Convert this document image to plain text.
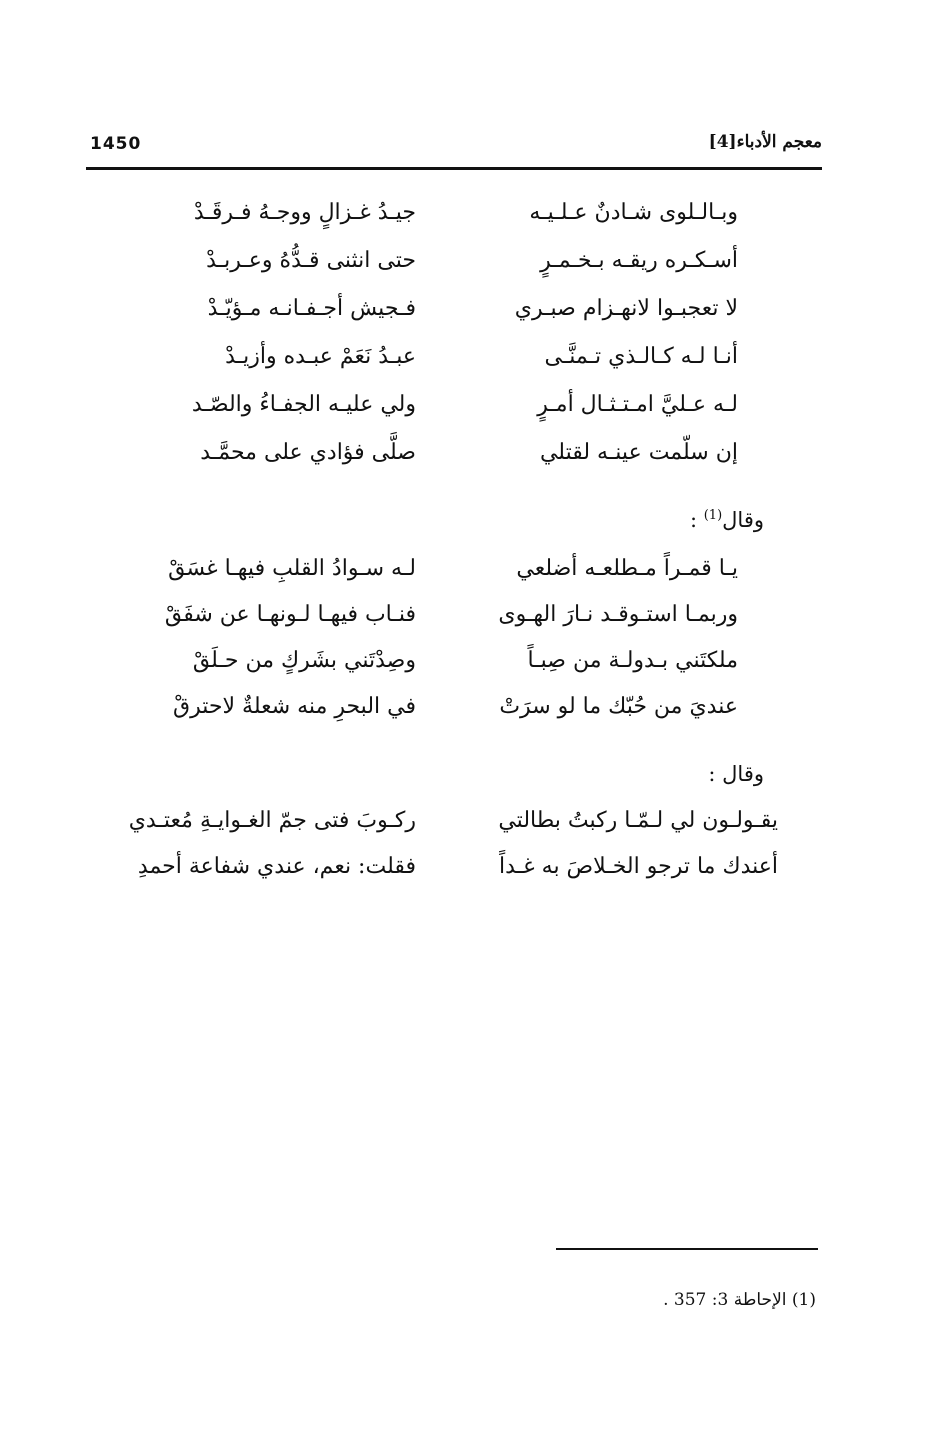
1450	معجم الأدباء[4]
وبـالـلوى شـادنٌ عـلـيـه
جيـدُ غـزالٍ ووجـهُ فـرقَـدْ
أسـكـره ريقـه بـخـمـرٍ
حتى انثنى قـدُّهُ وعـربـدْ
لا تعجبـوا لانهـزام صبـري
فـجيش أجـفـانـه مـؤيّـدْ
أنـا لـه كـالـذي تـمنَّـى
عبـدُ نَعَمْ عبـده وأزيـدْ
لـه عـليَّ امـتـثـال أمـرٍ
ولي عليـه الجفـاءُ والصّـد
إن سلّمت عينـه لقتلي
صلَّى فؤادي على محمَّـد
وقال$^{(1)}$ :
يـا قمـراً مـطلعـه أضلعي
لـه سـوادُ القلبِ فيهـا غسَقْ
وربمـا استـوقـد نـارَ الهـوى
فنـاب فيهـا لـونهـا عن شفَقْ
ملكتَني بـدولـة من صِبـاً
وصِدْتَني بشَركٍ من حـلَقْ
عنديَ من حُبّك ما لو سرَتْ
في البحرِ منه شعلةٌ لاحترقْ
وقال :
يقـولـون لي لـمّـا ركبتُ بطالتي
ركـوبَ فتى جمّ الغـوايـةِ مُعتـدي
أعندك ما ترجو الخـلاصَ به غـداً
فقلت: نعم، عندي شفاعة أحمدِ
(1) الإحاطة 3: 357 .
